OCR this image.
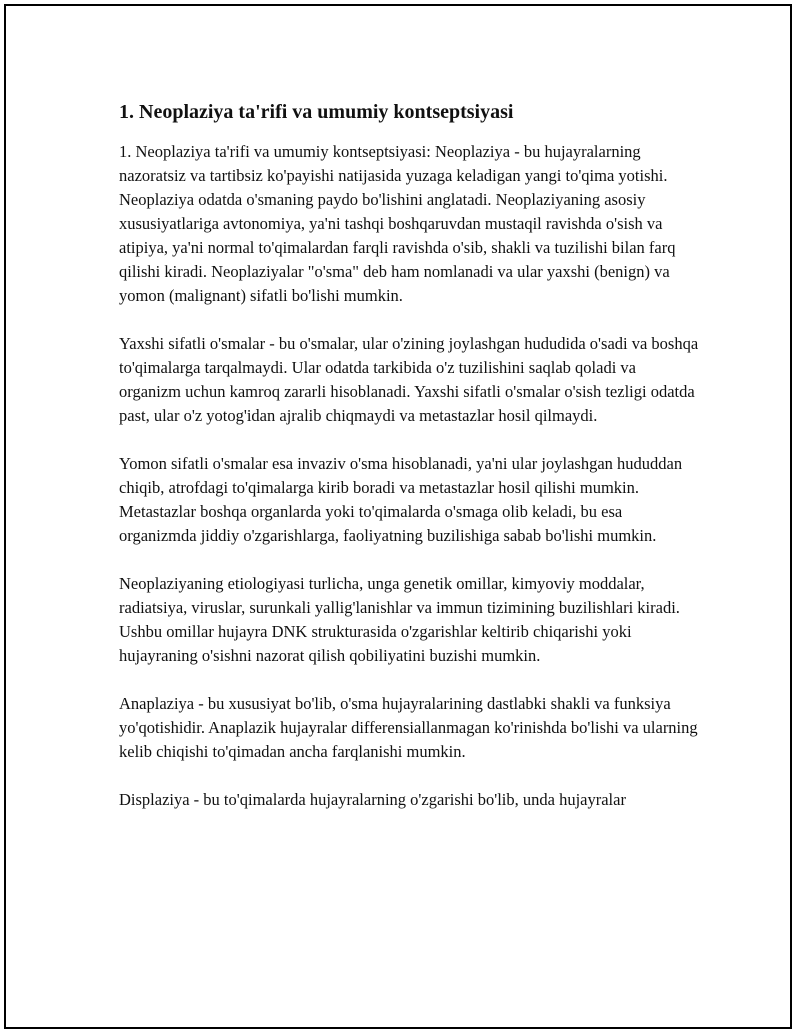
1. Neoplaziya ta'rifi va umumiy kontseptsiyasi

1. Neoplaziya ta'rifi va umumiy kontseptsiyasi: Neoplaziya - bu hujayralarning nazoratsiz va tartibsiz ko'payishi natijasida yuzaga keladigan yangi to'qima yotishi. Neoplaziya odatda o'smaning paydo bo'lishini anglatadi. Neoplaziyaning asosiy xususiyatlariga avtonomiya, ya'ni tashqi boshqaruvdan mustaqil ravishda o'sish va atipiya, ya'ni normal to'qimalardan farqli ravishda o'sib, shakli va tuzilishi bilan farq qilishi kiradi. Neoplaziyalar "o'sma" deb ham nomlanadi va ular yaxshi (benign) va yomon (malignant) sifatli bo'lishi mumkin.

Yaxshi sifatli o'smalar - bu o'smalar, ular o'zining joylashgan hududida o'sadi va boshqa to'qimalarga tarqalmaydi. Ular odatda tarkibida o'z tuzilishini saqlab qoladi va organizm uchun kamroq zararli hisoblanadi. Yaxshi sifatli o'smalar o'sish tezligi odatda past, ular o'z yotog'idan ajralib chiqmaydi va metastazlar hosil qilmaydi.

Yomon sifatli o'smalar esa invaziv o'sma hisoblanadi, ya'ni ular joylashgan hududdan chiqib, atrofdagi to'qimalarga kirib boradi va metastazlar hosil qilishi mumkin. Metastazlar boshqa organlarda yoki to'qimalarda o'smaga olib keladi, bu esa organizmda jiddiy o'zgarishlarga, faoliyatning buzilishiga sabab bo'lishi mumkin.

Neoplaziyaning etiologiyasi turlicha, unga genetik omillar, kimyoviy moddalar, radiatsiya, viruslar, surunkali yallig'lanishlar va immun tizimining buzilishlari kiradi. Ushbu omillar hujayra DNK strukturasida o'zgarishlar keltirib chiqarishi yoki hujayraning o'sishni nazorat qilish qobiliyatini buzishi mumkin.

Anaplaziya - bu xususiyat bo'lib, o'sma hujayralarining dastlabki shakli va funksiya yo'qotishidir. Anaplazik hujayralar differensiallanmagan ko'rinishda bo'lishi va ularning kelib chiqishi to'qimadan ancha farqlanishi mumkin.

Displaziya - bu to'qimalarda hujayralarning o'zgarishi bo'lib, unda hujayralar
